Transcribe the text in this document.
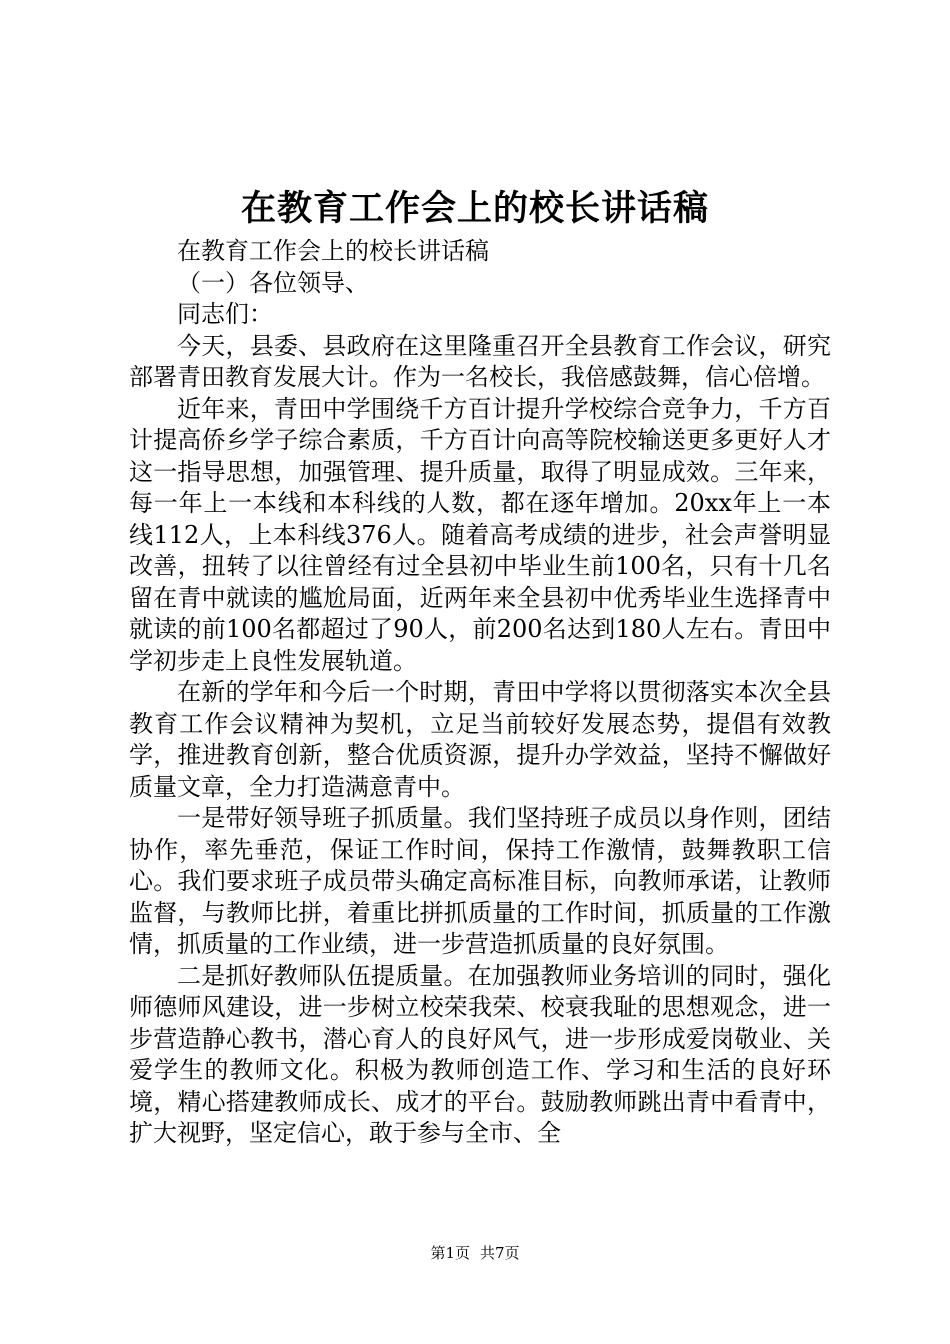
在教育工作会上的校长讲话稿

在教育工作会上的校长讲话稿

（一）各位领导、

同志们：

今天，县委、县政府在这里隆重召开全县教育工作会议，研究部署青田教育发展大计。作为一名校长，我倍感鼓舞，信心倍增。

近年来，青田中学围绕千方百计提升学校综合竞争力，千方百计提高侨乡学子综合素质，千方百计向高等院校输送更多更好人才这一指导思想，加强管理、提升质量，取得了明显成效。三年来，每一年上一本线和本科线的人数，都在逐年增加。20xx年上一本线112人，上本科线376人。随着高考成绩的进步，社会声誉明显改善，扭转了以往曾经有过全县初中毕业生前100名，只有十几名留在青中就读的尴尬局面，近两年来全县初中优秀毕业生选择青中就读的前100名都超过了90人，前200名达到180人左右。青田中学初步走上良性发展轨道。

在新的学年和今后一个时期，青田中学将以贯彻落实本次全县教育工作会议精神为契机，立足当前较好发展态势，提倡有效教学，推进教育创新，整合优质资源，提升办学效益，坚持不懈做好质量文章，全力打造满意青中。

一是带好领导班子抓质量。我们坚持班子成员以身作则，团结协作，率先垂范，保证工作时间，保持工作激情，鼓舞教职工信心。我们要求班子成员带头确定高标准目标，向教师承诺，让教师监督，与教师比拼，着重比拼抓质量的工作时间，抓质量的工作激情，抓质量的工作业绩，进一步营造抓质量的良好氛围。

二是抓好教师队伍提质量。在加强教师业务培训的同时，强化师德师风建设，进一步树立校荣我荣、校衰我耻的思想观念，进一步营造静心教书，潜心育人的良好风气，进一步形成爱岗敬业、关爱学生的教师文化。积极为教师创造工作、学习和生活的良好环境，精心搭建教师成长、成才的平台。鼓励教师跳出青中看青中，扩大视野，坚定信心，敢于参与全市、全

第1页 共7页
